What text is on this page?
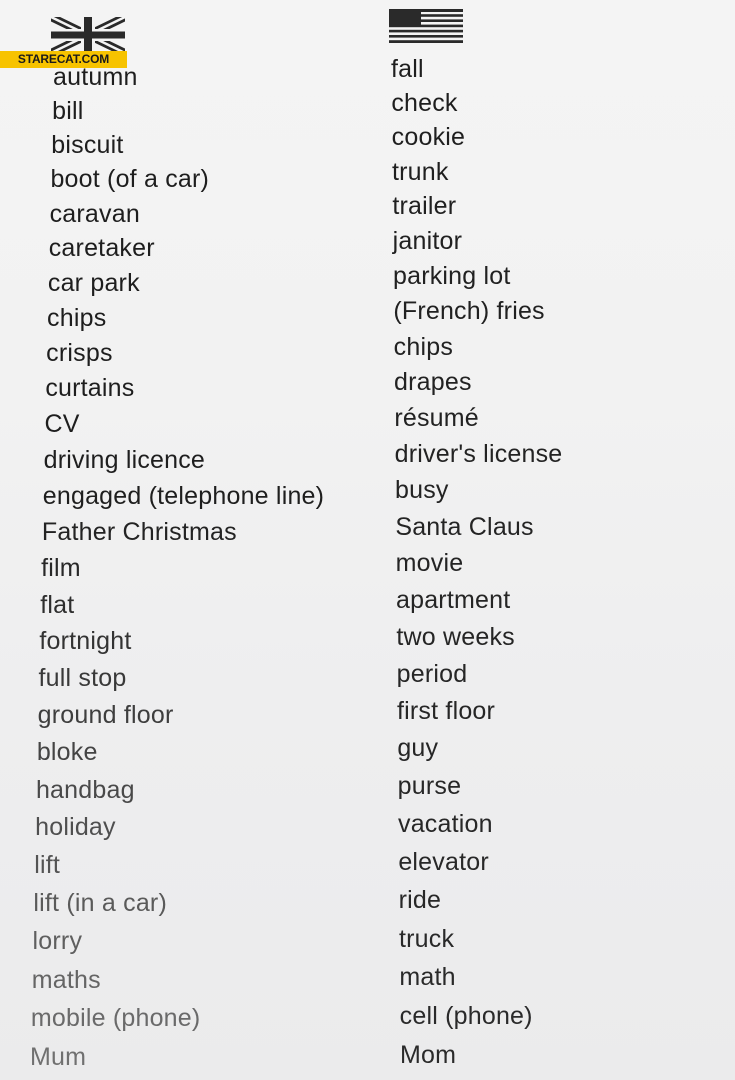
STARECAT.COM
autumn
bill
biscuit
boot (of a car)
caravan
caretaker
car park
chips
crisps
curtains
CV
driving licence
engaged (telephone line)
Father Christmas
film
flat
fortnight
full stop
ground floor
bloke
handbag
holiday
lift
lift (in a car)
lorry
maths
mobile (phone)
Mum
fall
check
cookie
trunk
trailer
janitor
parking lot
(French) fries
chips
drapes
résumé
driver's license
busy
Santa Claus
movie
apartment
two weeks
period
first floor
guy
purse
vacation
elevator
ride
truck
math
cell (phone)
Mom
